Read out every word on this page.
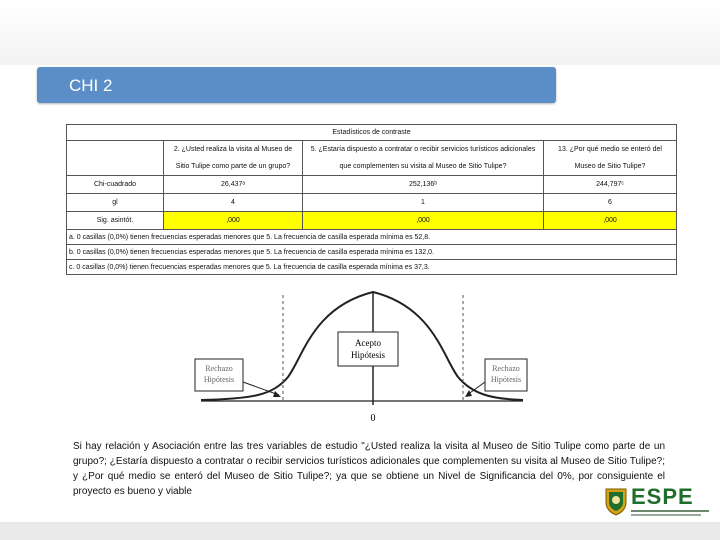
CHI 2
Estadísticos de contraste			
	2. ¿Usted realiza la visita al Museo de	5. ¿Estaría dispuesto a contratar o recibir servicios turísticos adicionales	13. ¿Por qué medio se enteró del
	Sitio Tulipe como parte de un grupo?	que complementen su visita al Museo de Sitio Tulipe?	Museo de Sitio Tulipe?
Chi-cuadrado	26,437ᵃ	252,136ᵇ	244,797ᶜ
gl	4	1	6
Sig. asintót.	,000	,000	,000
a. 0 casillas (0,0%) tienen frecuencias esperadas menores que 5. La frecuencia de casilla esperada mínima es 52,8.			
b. 0 casillas (0,0%) tienen frecuencias esperadas menores que 5. La frecuencia de casilla esperada mínima es 132,0.			
c. 0 casillas (0,0%) tienen frecuencias esperadas menores que 5. La frecuencia de casilla esperada mínima es 37,3.			
Acepto
Hipótesis
Rechazo
Hipótesis
Rechazo
Hipótesis
0
Si hay relación y Asociación entre las tres variables de estudio "¿Usted realiza la visita al Museo de Sitio Tulipe como parte de un grupo?; ¿Estaría dispuesto a contratar o recibir servicios turísticos adicionales que complementen su visita al Museo de Sitio Tulipe?; y ¿Por qué medio se enteró del Museo de Sitio Tulipe?; ya que se obtiene un Nivel de Significancia del 0%, por consiguiente el proyecto es bueno y viable	ESPE
